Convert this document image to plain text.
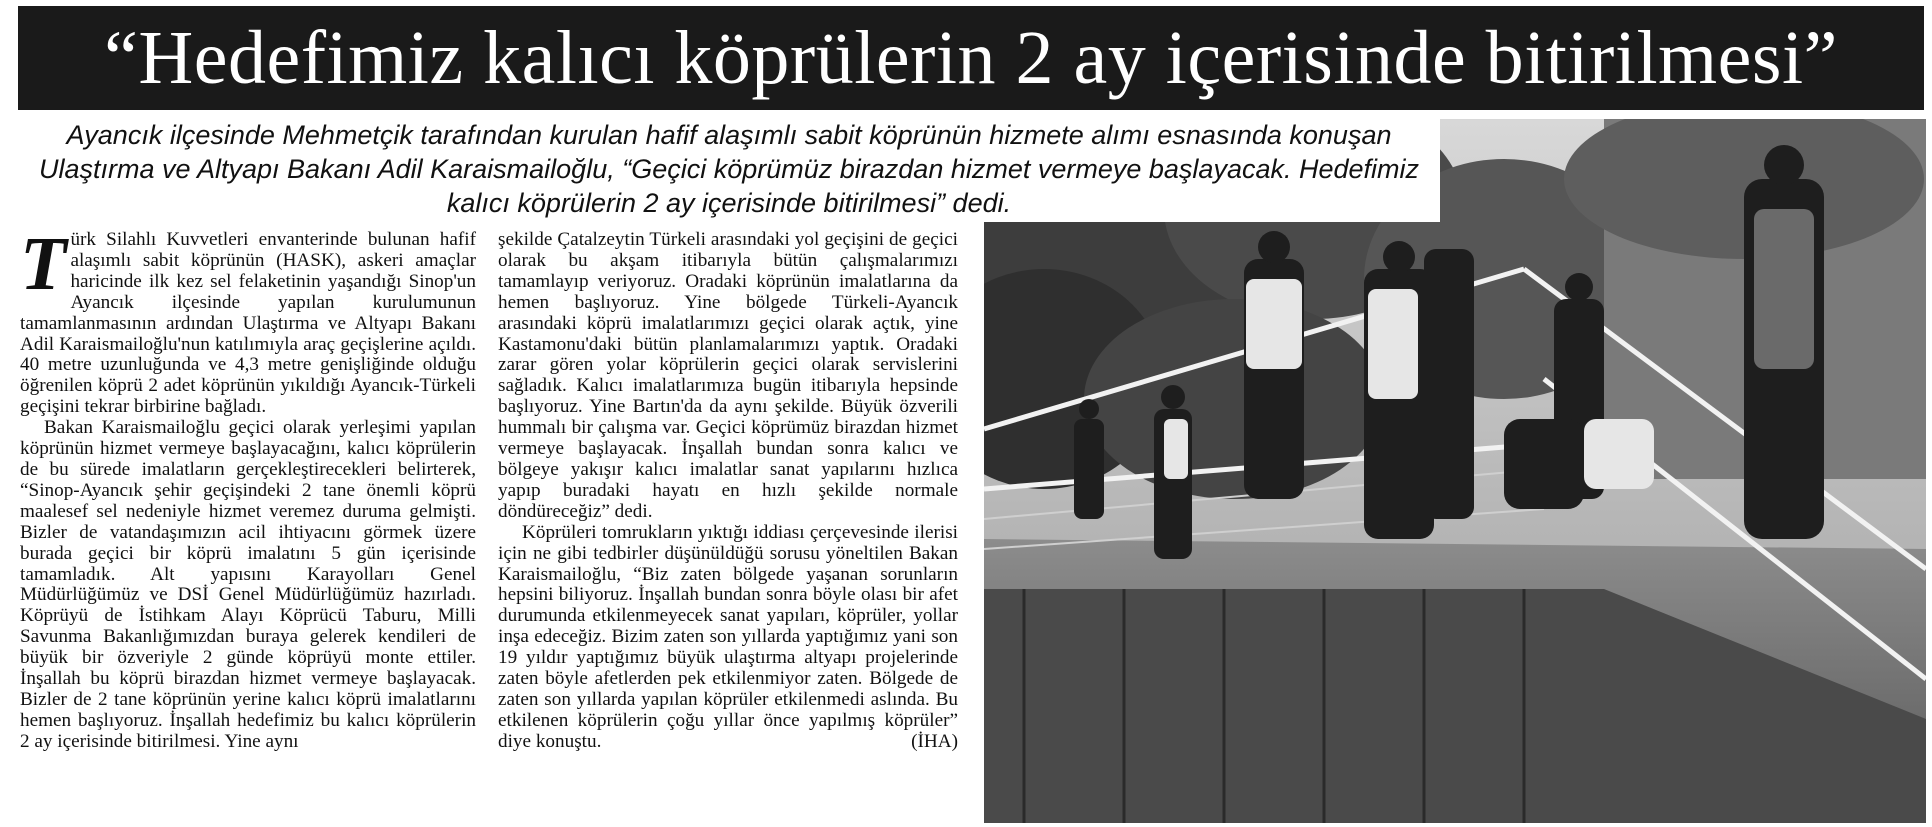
“Hedefimiz kalıcı köprülerin 2 ay içerisinde bitirilmesi”

Ayancık ilçesinde Mehmetçik tarafından kurulan hafif alaşımlı sabit köprünün hizmete alımı esnasında konuşan Ulaştırma ve Altyapı Bakanı Adil Karaismailoğlu, “Geçici köprümüz birazdan hizmet vermeye başlayacak. Hedefimiz kalıcı köprülerin 2 ay içerisinde bitirilmesi” dedi.

Türk Silahlı Kuvvetleri envanterinde bulunan hafif alaşımlı sabit köprünün (HASK), askeri amaçlar haricinde ilk kez sel felaketinin yaşandığı Sinop'un Ayancık ilçesinde yapılan kurulumunun tamamlanmasının ardından Ulaştırma ve Altyapı Bakanı Adil Karaismailoğlu'nun katılımıyla araç geçişlerine açıldı. 40 metre uzunluğunda ve 4,3 metre genişliğinde olduğu öğrenilen köprü 2 adet köprünün yıkıldığı Ayancık-Türkeli geçişini tekrar birbirine bağladı.

Bakan Karaismailoğlu geçici olarak yerleşimi yapılan köprünün hizmet vermeye başlayacağını, kalıcı köprülerin de bu sürede imalatların gerçekleştirecekleri belirterek, “Sinop-Ayancık şehir geçişindeki 2 tane önemli köprü maalesef sel nedeniyle hizmet veremez duruma gelmişti. Bizler de vatandaşımızın acil ihtiyacını görmek üzere burada geçici bir köprü imalatını 5 gün içerisinde tamamladık. Alt yapısını Karayolları Genel Müdürlüğümüz ve DSİ Genel Müdürlüğümüz hazırladı. Köprüyü de İstihkam Alayı Köprücü Taburu, Milli Savunma Bakanlığımızdan buraya gelerek kendileri de büyük bir özveriyle 2 günde köprüyü monte ettiler. İnşallah bu köprü birazdan hizmet vermeye başlayacak. Bizler de 2 tane köprünün yerine kalıcı köprü imalatlarını hemen başlıyoruz. İnşallah hedefimiz bu kalıcı köprülerin 2 ay içerisinde bitirilmesi. Yine aynı

şekilde Çatalzeytin Türkeli arasındaki yol geçişini de geçici olarak bu akşam itibarıyla bütün çalışmalarımızı tamamlayıp veriyoruz. Oradaki köprünün imalatlarına da hemen başlıyoruz. Yine bölgede Türkeli-Ayancık arasındaki köprü imalatlarımızı geçici olarak açtık, yine Kastamonu'daki bütün planlamalarımızı yaptık. Oradaki zarar gören yolar köprülerin geçici olarak servislerini sağladık. Kalıcı imalatlarımıza bugün itibarıyla hepsinde başlıyoruz. Yine Bartın'da da aynı şekilde. Büyük özverili hummalı bir çalışma var. Geçici köprümüz birazdan hizmet vermeye başlayacak. İnşallah bundan sonra kalıcı ve bölgeye yakışır kalıcı imalatlar sanat yapılarını hızlıca yapıp buradaki hayatı en hızlı şekilde normale döndüreceğiz” dedi.

Köprüleri tomrukların yıktığı iddiası çerçevesinde ilerisi için ne gibi tedbirler düşünüldüğü sorusu yöneltilen Bakan Karaismailoğlu, “Biz zaten bölgede yaşanan sorunların hepsini biliyoruz. İnşallah bundan sonra böyle olası bir afet durumunda etkilenmeyecek sanat yapıları, köprüler, yollar inşa edeceğiz. Bizim zaten son yıllarda yaptığımız yani son 19 yıldır yaptığımız büyük ulaştırma altyapı projelerinde zaten böyle afetlerden pek etkilenmiyor zaten. Bölgede de zaten son yıllarda yapılan köprüler etkilenmedi aslında. Bu etkilenen köprülerin çoğu yıllar önce yapılmış köprüler” diye konuştu.	(İHA)
